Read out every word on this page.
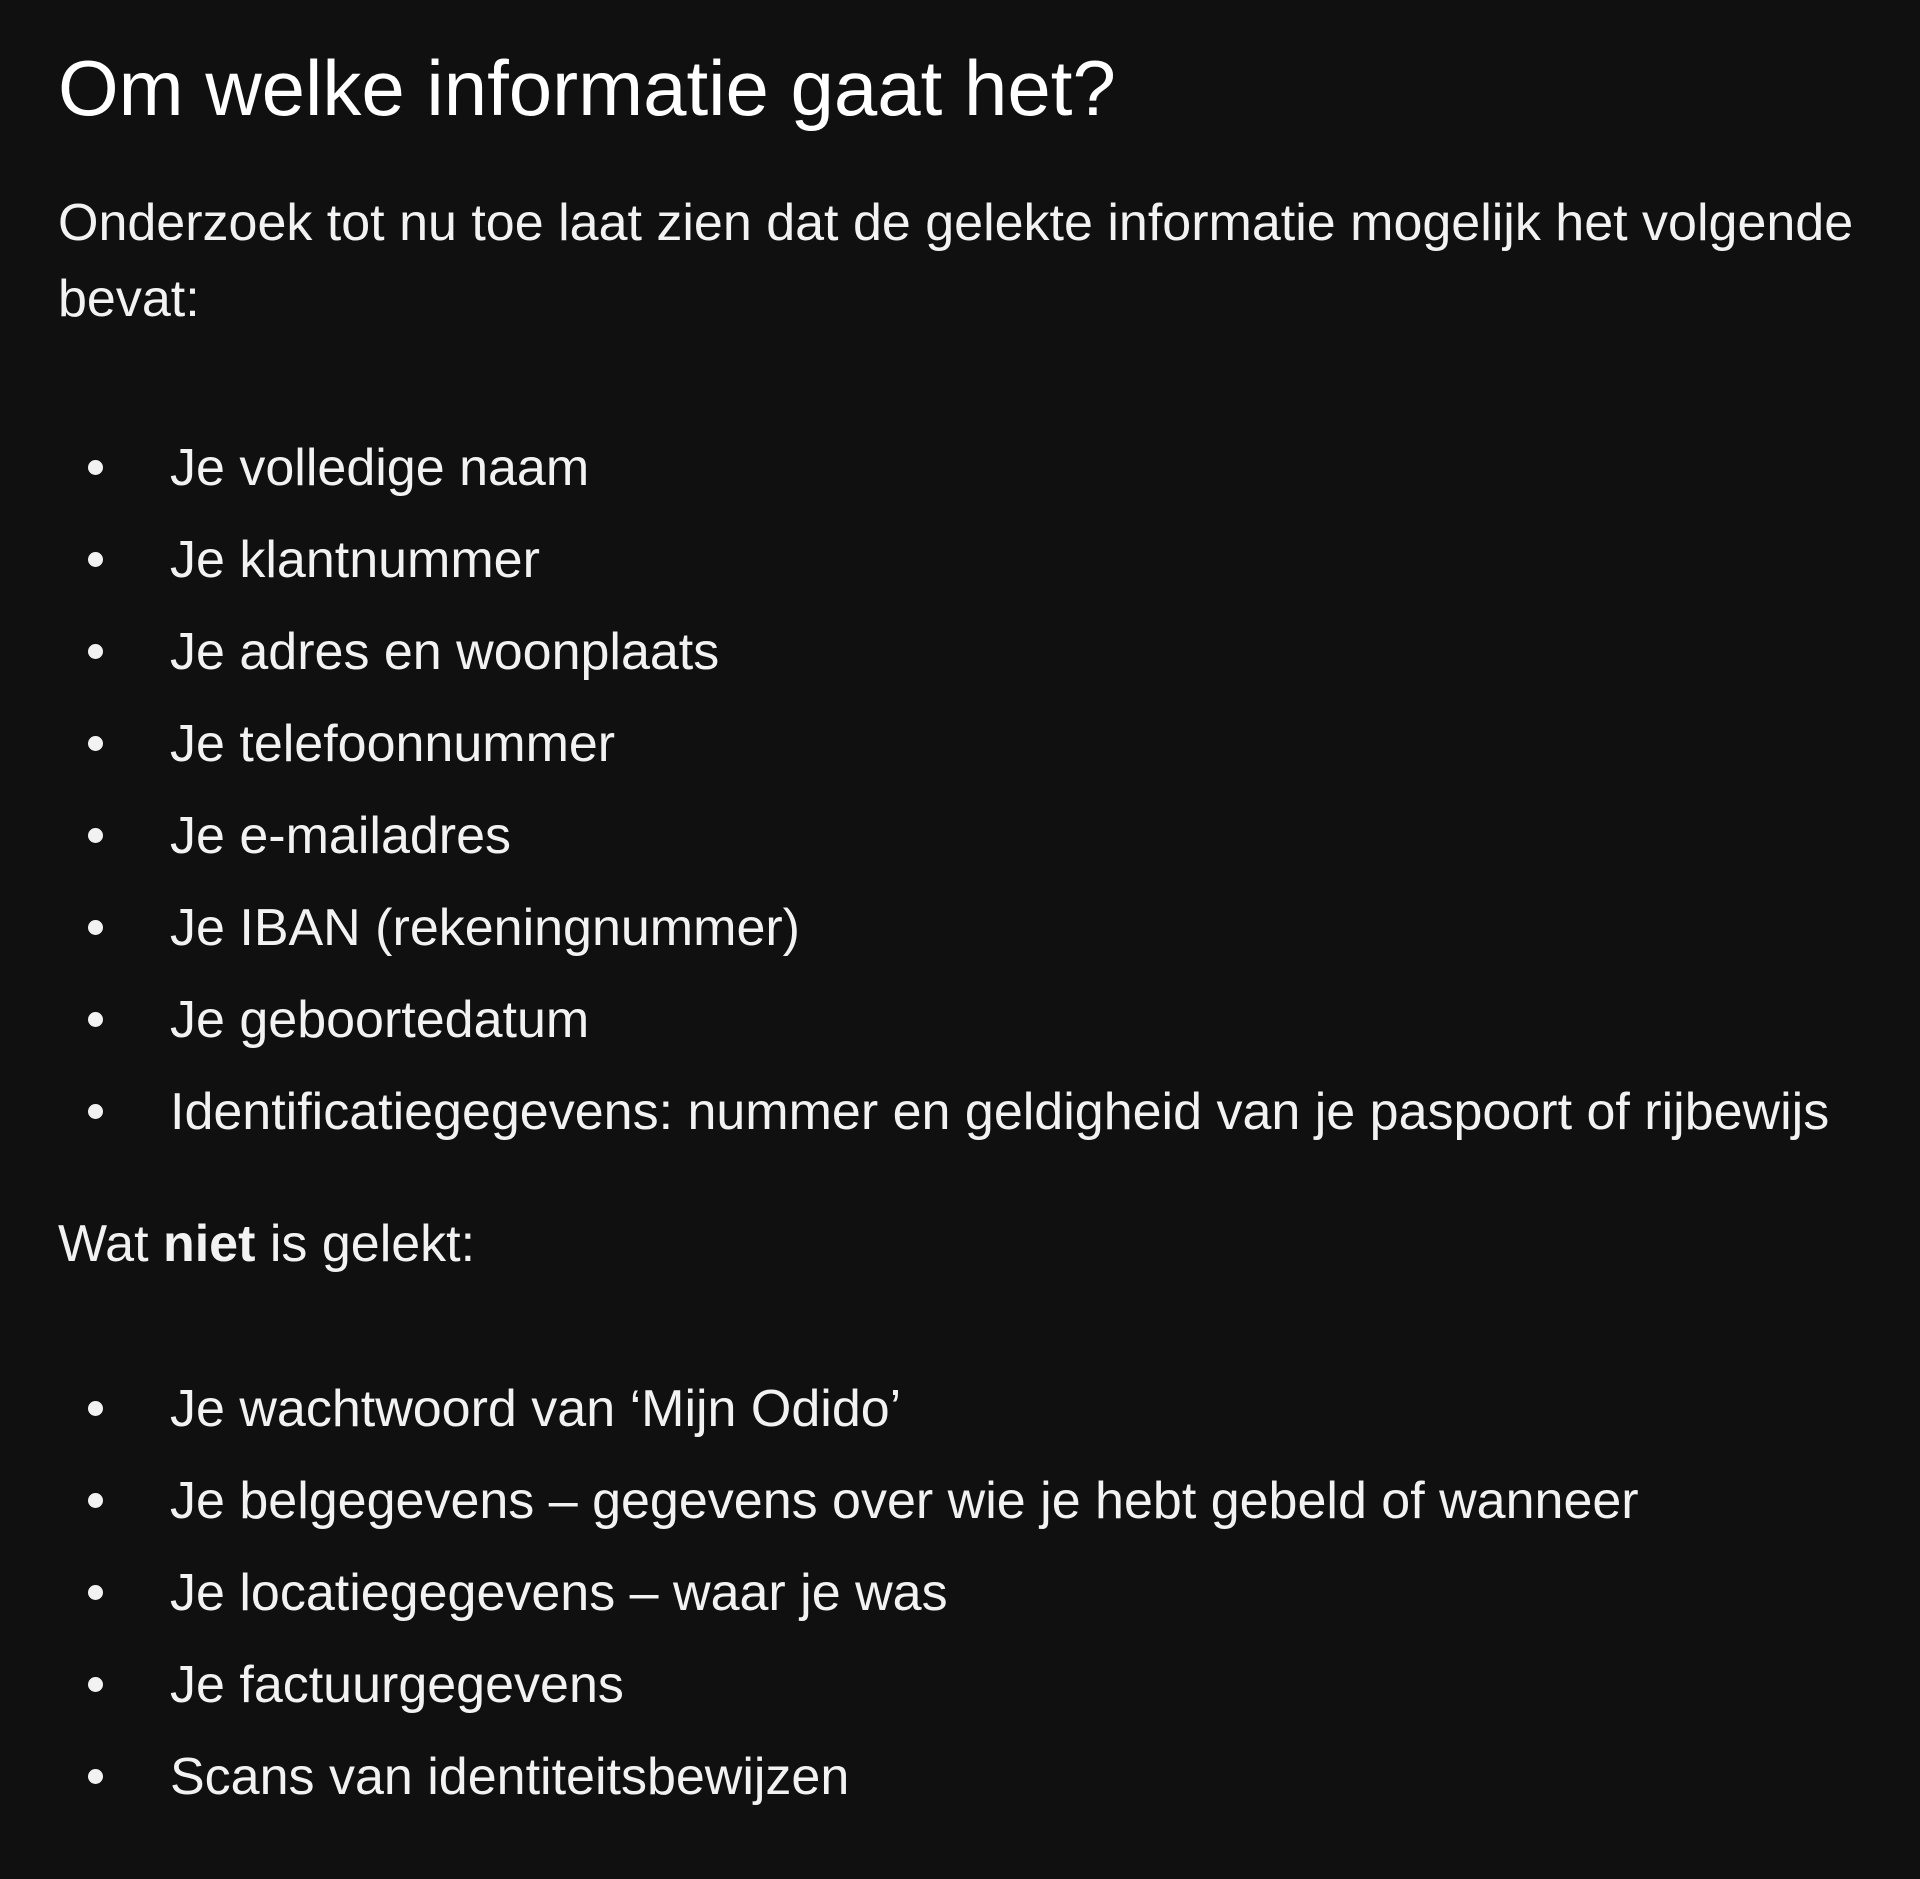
Om welke informatie gaat het?

Onderzoek tot nu toe laat zien dat de gelekte informatie mogelijk het volgende
bevat:

Je volledige naam
Je klantnummer
Je adres en woonplaats
Je telefoonnummer
Je e-mailadres
Je IBAN (rekeningnummer)
Je geboortedatum
Identificatiegegevens: nummer en geldigheid van je paspoort of rijbewijs

Wat niet is gelekt:

Je wachtwoord van ‘Mijn Odido’
Je belgegevens – gegevens over wie je hebt gebeld of wanneer
Je locatiegegevens – waar je was
Je factuurgegevens
Scans van identiteitsbewijzen
